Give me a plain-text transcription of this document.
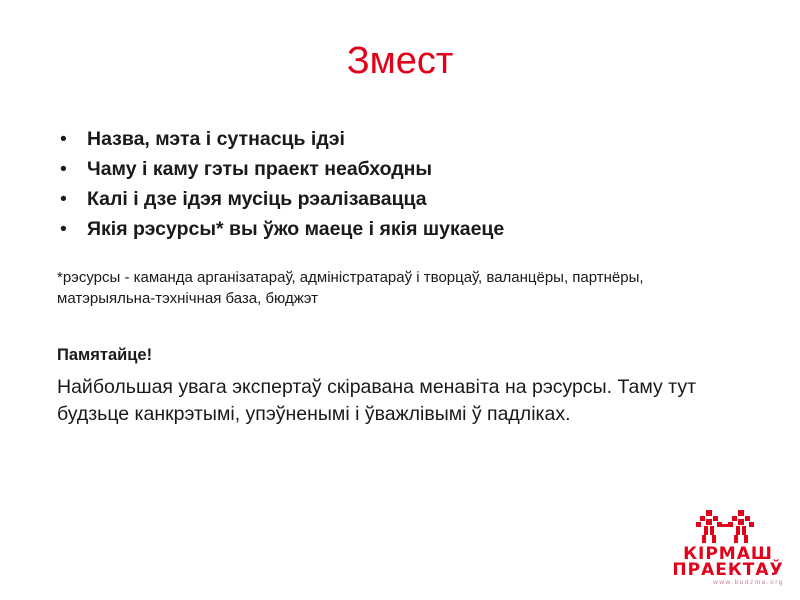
Змест
• Назва, мэта і сутнасць ідэі
• Чаму і каму гэты праект неабходны
• Калі і дзе ідэя мусіць рэалізавацца
• Якія рэсурсы* вы ўжо маеце і якія шукаеце

*рэсурсы - каманда арганізатараў, адміністратараў і творцаў, валанцёры, партнёры, матэрыяльна-тэхнічная база, бюджэт

Памятайце!

Найбольшая увага экспертаў скіравана менавіта на рэсурсы. Таму тут будзьце канкрэтымі, упэўненымі і ўважлівымі ў падліках.

КІРМАШ
ПРАЕКТАЎ
www.budzma.org
